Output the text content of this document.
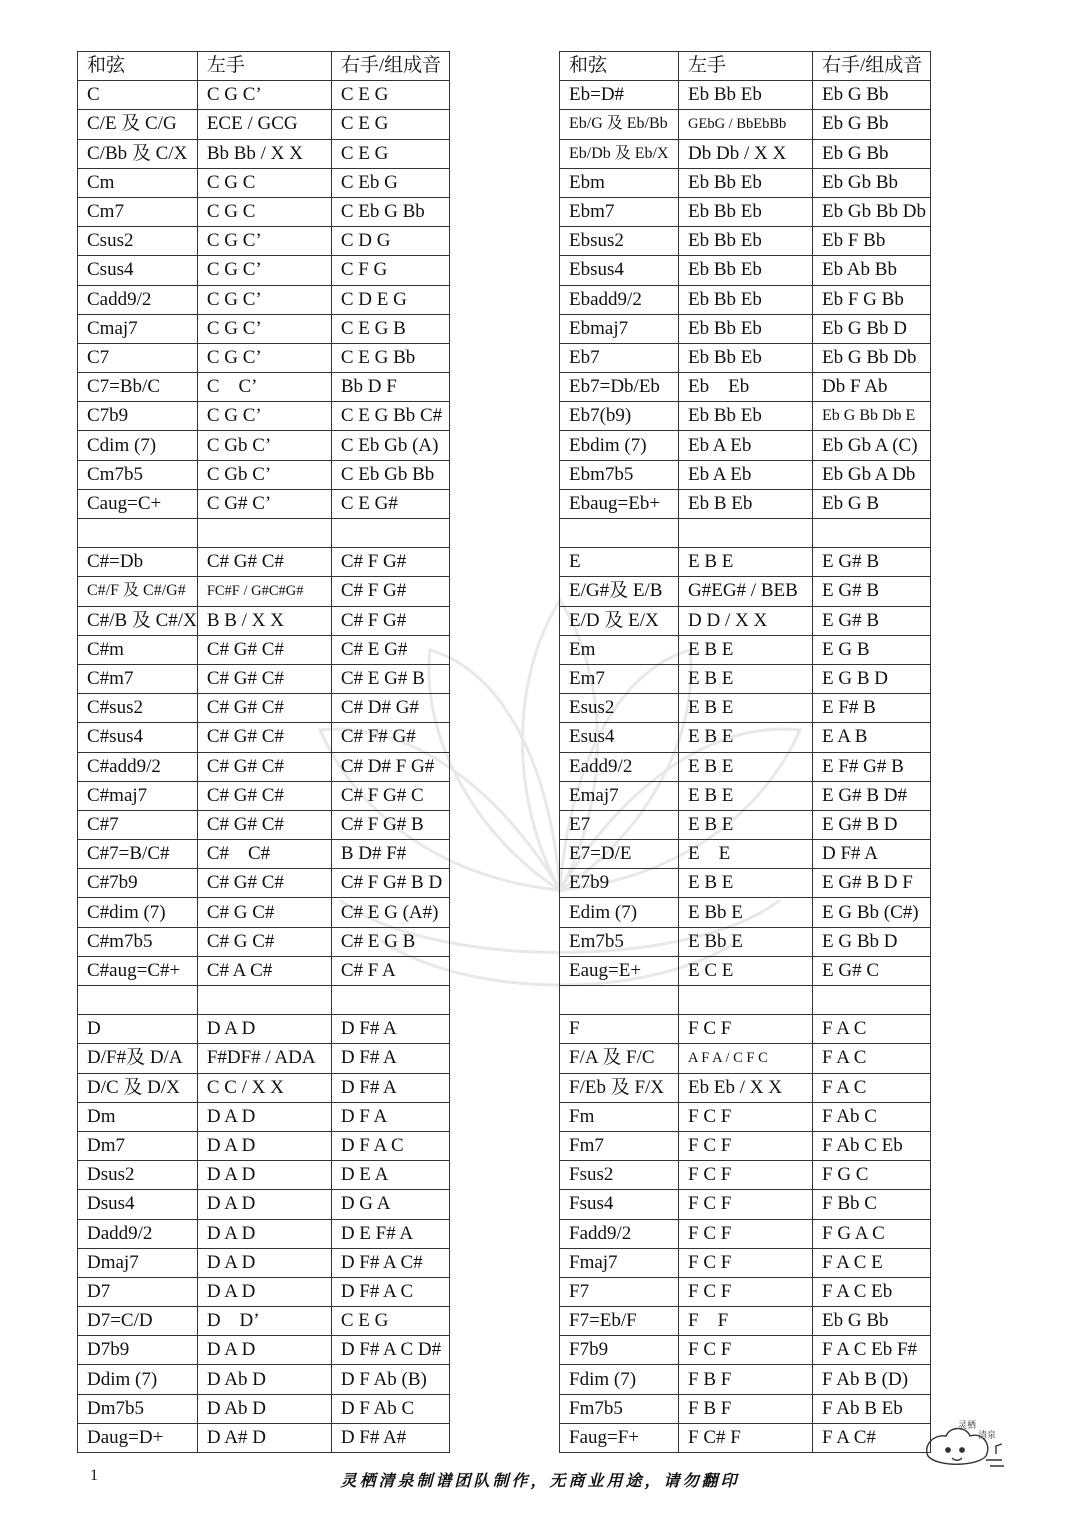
和弦	左手	右手/组成音
C	C G C’	C E G
C/E 及 C/G	ECE / GCG	C E G
C/Bb 及 C/X	Bb Bb / X X	C E G
Cm	C G C	C Eb G
Cm7	C G C	C Eb G Bb
Csus2	C G C’	C D G
Csus4	C G C’	C F G
Cadd9/2	C G C’	C D E G
Cmaj7	C G C’	C E G B
C7	C G C’	C E G Bb
C7=Bb/C	C　C’	Bb D F
C7b9	C G C’	C E G Bb C#
Cdim (7)	C Gb C’	C Eb Gb (A)
Cm7b5	C Gb C’	C Eb Gb Bb
Caug=C+	C G# C’	C E G#

C#=Db	C# G# C#	C# F G#
C#/F 及 C#/G#	FC#F / G#C#G#	C# F G#
C#/B 及 C#/X	B B / X X	C# F G#
C#m	C# G# C#	C# E G#
C#m7	C# G# C#	C# E G# B
C#sus2	C# G# C#	C# D# G#
C#sus4	C# G# C#	C# F# G#
C#add9/2	C# G# C#	C# D# F G#
C#maj7	C# G# C#	C# F G# C
C#7	C# G# C#	C# F G# B
C#7=B/C#	C#　C#	B D# F#
C#7b9	C# G# C#	C# F G# B D
C#dim (7)	C# G C#	C# E G (A#)
C#m7b5	C# G C#	C# E G B
C#aug=C#+	C# A C#	C# F A

D	D A D	D F# A
D/F#及 D/A	F#DF# / ADA	D F# A
D/C 及 D/X	C C / X X	D F# A
Dm	D A D	D F A
Dm7	D A D	D F A C
Dsus2	D A D	D E A
Dsus4	D A D	D G A
Dadd9/2	D A D	D E F# A
Dmaj7	D A D	D F# A C#
D7	D A D	D F# A C
D7=C/D	D　D’	C E G
D7b9	D A D	D F# A C D#
Ddim (7)	D Ab D	D F Ab (B)
Dm7b5	D Ab D	D F Ab C
Daug=D+	D A# D	D F# A#
和弦	左手	右手/组成音
Eb=D#	Eb Bb Eb	Eb G Bb
Eb/G 及 Eb/Bb	GEbG / BbEbBb	Eb G Bb
Eb/Db 及 Eb/X	Db Db / X X	Eb G Bb
Ebm	Eb Bb Eb	Eb Gb Bb
Ebm7	Eb Bb Eb	Eb Gb Bb Db
Ebsus2	Eb Bb Eb	Eb F Bb
Ebsus4	Eb Bb Eb	Eb Ab Bb
Ebadd9/2	Eb Bb Eb	Eb F G Bb
Ebmaj7	Eb Bb Eb	Eb G Bb D
Eb7	Eb Bb Eb	Eb G Bb Db
Eb7=Db/Eb	Eb　Eb	Db F Ab
Eb7(b9)	Eb Bb Eb	Eb G Bb Db E
Ebdim (7)	Eb A Eb	Eb Gb A (C)
Ebm7b5	Eb A Eb	Eb Gb A Db
Ebaug=Eb+	Eb B Eb	Eb G B

E	E B E	E G# B
E/G#及 E/B	G#EG# / BEB	E G# B
E/D 及 E/X	D D / X X	E G# B
Em	E B E	E G B
Em7	E B E	E G B D
Esus2	E B E	E F# B
Esus4	E B E	E A B
Eadd9/2	E B E	E F# G# B
Emaj7	E B E	E G# B D#
E7	E B E	E G# B D
E7=D/E	E　E	D F# A
E7b9	E B E	E G# B D F
Edim (7)	E Bb E	E G Bb (C#)
Em7b5	E Bb E	E G Bb D
Eaug=E+	E C E	E G# C

F	F C F	F A C
F/A 及 F/C	A F A / C F C	F A C
F/Eb 及 F/X	Eb Eb / X X	F A C
Fm	F C F	F Ab C
Fm7	F C F	F Ab C Eb
Fsus2	F C F	F G C
Fsus4	F C F	F Bb C
Fadd9/2	F C F	F G A C
Fmaj7	F C F	F A C E
F7	F C F	F A C Eb
F7=Eb/F	F　F	Eb G Bb
F7b9	F C F	F A C Eb F#
Fdim (7)	F B F	F Ab B (D)
Fm7b5	F B F	F Ab B Eb
Faug=F+	F C# F	F A C#
1	灵栖清泉制谱团队制作，无商业用途，请勿翻印
灵栖
清泉
